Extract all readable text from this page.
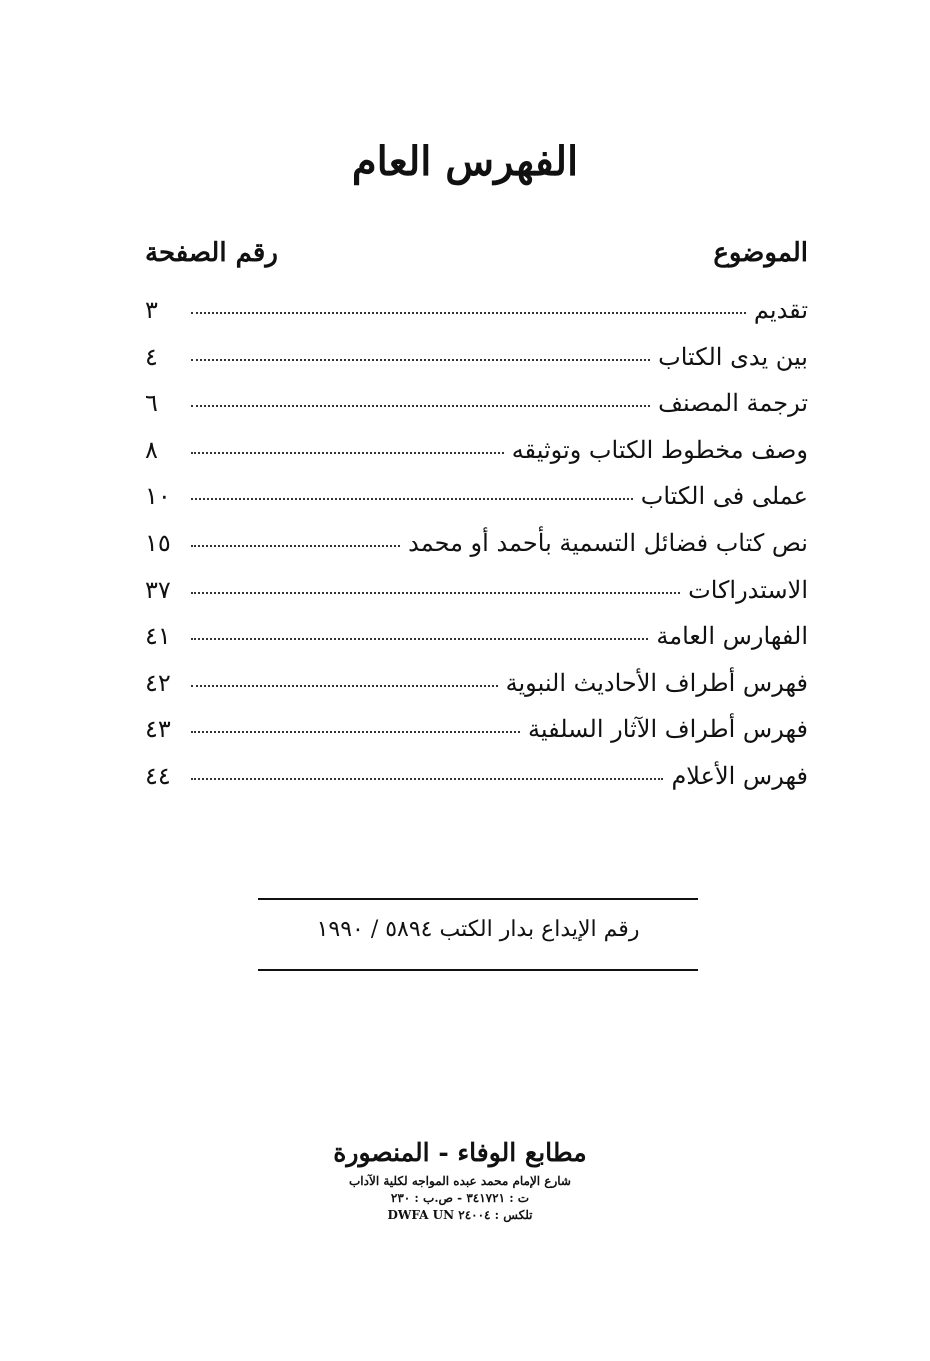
الفهرس العام
الموضوع
رقم الصفحة
تقديم
٣
بين يدى الكتاب
٤
ترجمة المصنف
٦
وصف مخطوط الكتاب وتوثيقه
٨
عملى فى الكتاب
١٠
نص كتاب فضائل التسمية بأحمد أو محمد
١٥
الاستدراكات
٣٧
الفهارس العامة
٤١
فهرس أطراف الأحاديث النبوية
٤٢
فهرس أطراف الآثار السلفية
٤٣
فهرس الأعلام
٤٤
رقم الإيداع بدار الكتب ٥٨٩٤ / ١٩٩٠
مطابع الوفاء - المنصورة
شارع الإمام محمد عبده المواجه لكلية الآداب
ت : ٣٤١٧٢١ - ص.ب : ٢٣٠
تلكس : ٢٤٠٠٤ DWFA UN
